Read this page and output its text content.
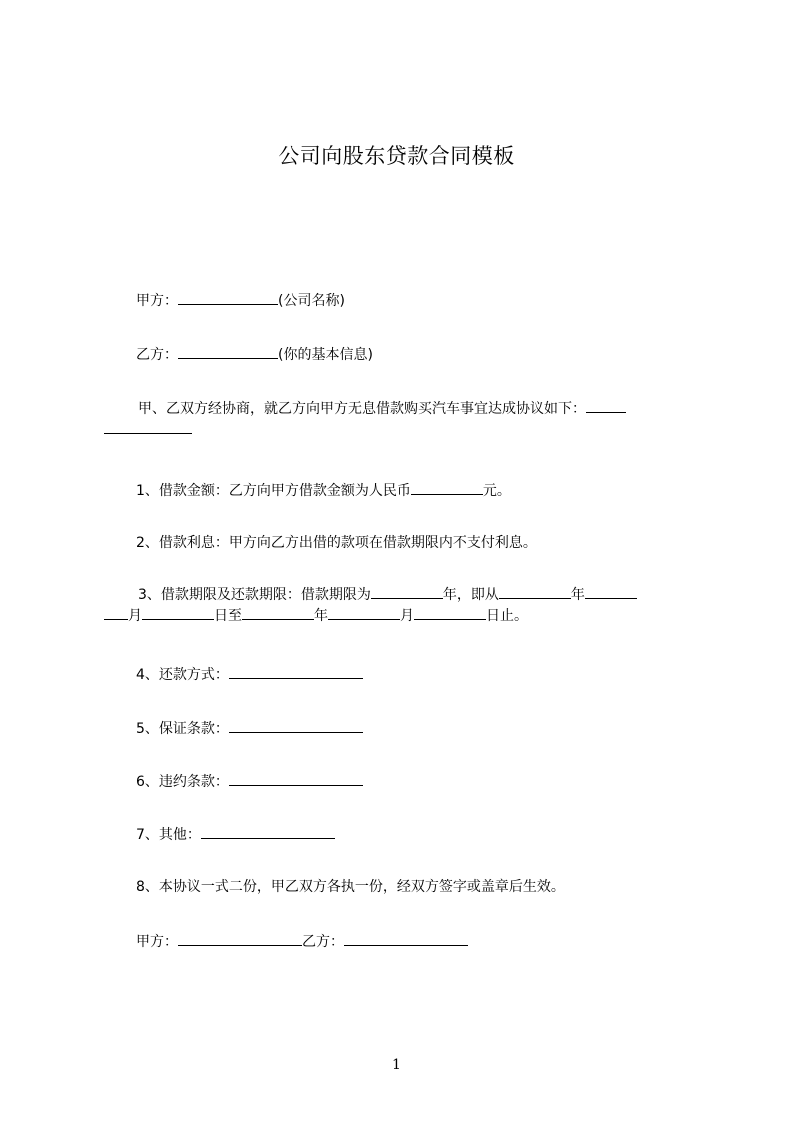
公司向股东贷款合同模板
甲方：	(公司名称)
乙方：	(你的基本信息)
甲、乙双方经协商，就乙方向甲方无息借款购买汽车事宜达成协议如下：

1、借款金额：乙方向甲方借款金额为人民币	元。
2、借款利息：甲方向乙方出借的款项在借款期限内不支付利息。
3、借款期限及还款期限：借款期限为	年，即从	年
月	日至	年	月	日止。
4、还款方式：
5、保证条款：
6、违约条款：
7、其他：
8、本协议一式二份，甲乙双方各执一份，经双方签字或盖章后生效。
甲方：	乙方：
1
